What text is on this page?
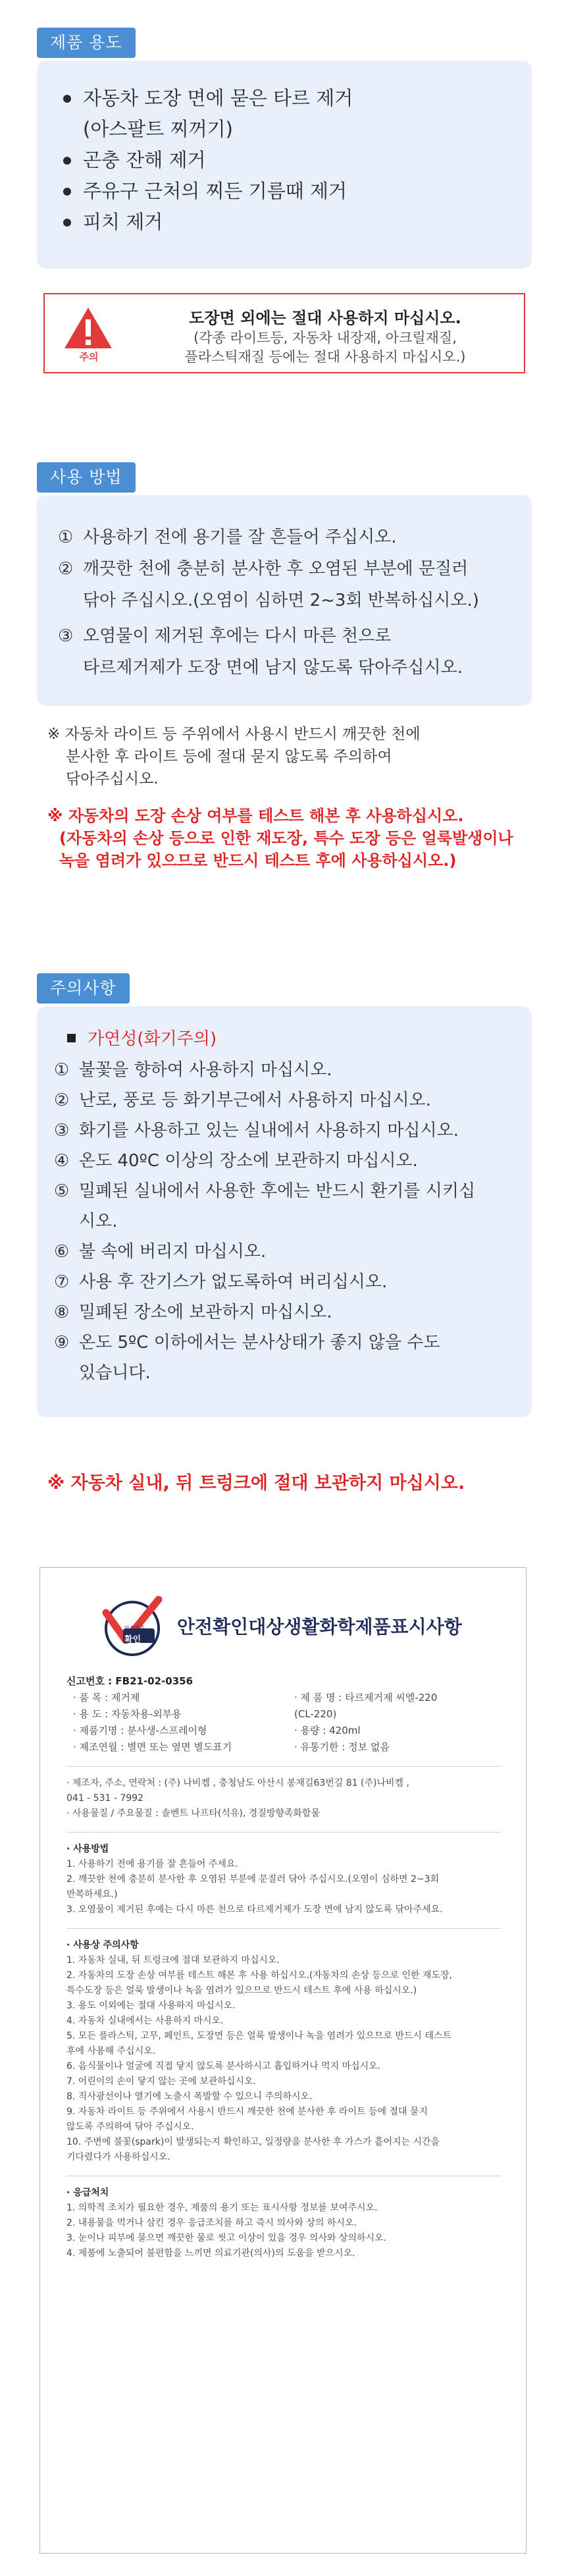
제품 용도
자동차 도장 면에 묻은 타르 제거
(아스팔트 찌꺼기)
곤충 잔해 제거
주유구 근처의 찌든 기름때 제거
피치 제거
주의
도장면 외에는 절대 사용하지 마십시오.
(각종 라이트등, 자동차 내장재, 아크릴재질,
플라스틱재질 등에는 절대 사용하지 마십시오.)
사용 방법
① 사용하기 전에 용기를 잘 흔들어 주십시오.
② 깨끗한 천에 충분히 분사한 후 오염된 부분에 문질러
닦아 주십시오.(오염이 심하면 2~3회 반복하십시오.)
③ 오염물이 제거된 후에는 다시 마른 천으로
타르제거제가 도장 면에 남지 않도록 닦아주십시오.
※ 자동차 라이트 등 주위에서 사용시 반드시 깨끗한 천에
분사한 후 라이트 등에 절대 묻지 않도록 주의하여
닦아주십시오.
※ 자동차의 도장 손상 여부를 테스트 해본 후 사용하십시오.
(자동차의 손상 등으로 인한 재도장, 특수 도장 등은 얼룩발생이나
녹을 염려가 있으므로 반드시 테스트 후에 사용하십시오.)
주의사항
가연성(화기주의)
① 불꽃을 향하여 사용하지 마십시오.
② 난로, 풍로 등 화기부근에서 사용하지 마십시오.
③ 화기를 사용하고 있는 실내에서 사용하지 마십시오.
④ 온도 40ºC 이상의 장소에 보관하지 마십시오.
⑤ 밀폐된 실내에서 사용한 후에는 반드시 환기를 시키십
시오.
⑥ 불 속에 버리지 마십시오.
⑦ 사용 후 잔기스가 없도록하여 버리십시오.
⑧ 밀폐된 장소에 보관하지 마십시오.
⑨ 온도 5ºC 이하에서는 분사상태가 좋지 않을 수도
있습니다.
※ 자동차 실내, 뒤 트렁크에 절대 보관하지 마십시오.
확인
안전기준 안전확인대상생활화학제품표시사항
신고번호 : FB21-02-0356
· 품 목 : 제거제	· 제 품 명 : 타르제거제 씨엘-220
· 용 도 : 자동차용-외부용	(CL-220)
· 제품기명 : 분사생-스프레이형	· 용량 : 420ml
· 제조연월 : 별면 또는 옆면 별도표기	· 유통기한 : 정보 없음
· 제조자, 주소, 연락처 : (주) 나비켐 , 충청남도 아산시 봉재길63번길 81 (주)나비켐 ,
041 - 531 - 7992
· 사용물질 / 주요물질 : 솔벤트 나프타(석유), 경질방향족화합물
· 사용방법
1. 사용하기 전에 용기를 잘 흔들어 주세요.
2. 깨끗한 천에 충분히 분사한 후 오염된 부분에 문질러 닦아 주십시오.(오염이 심하면 2~3회
반복하세요.)
3. 오염물이 제거된 후에는 다시 마른 천으로 타르제거제가 도장 면에 남지 않도록 닦아주세요.
· 사용상 주의사항
1. 자동차 실내, 뒤 트렁크에 절대 보관하지 마십시오.
2. 자동차의 도장 손상 여부를 테스트 해본 후 사용 하십시오.(자동차의 손상 등으로 인한 재도장,
특수도장 등은 얼룩 발생이나 녹을 염려가 있으므로 반드시 테스트 후에 사용 하십시오.)
3. 용도 이외에는 절대 사용하지 마십시오.
4. 자동차 실내에서는 사용하지 마시오.
5. 모든 플라스틱, 고무, 페인트, 도장면 등은 얼룩 발생이나 녹을 염려가 있으므로 반드시 테스트
후에 사용해 주십시오.
6. 음식물이나 얼굴에 직접 닿지 않도록 분사하시고 흡입하거나 먹지 마십시오.
7. 어린이의 손이 닿지 않는 곳에 보관하십시오.
8. 직사광선이나 열기에 노출시 폭발할 수 있으니 주의하시오.
9. 자동차 라이트 등 주위에서 사용시 반드시 깨끗한 천에 분사한 후 라이트 등에 절대 묻지
않도록 주의하여 닦아 주십시오.
10. 주변에 불꽃(spark)이 발생되는지 확인하고, 일정량을 분사한 후 가스가 흩어지는 시간을
기다렸다가 사용하십시오.
· 응급처치
1. 의학적 조치가 필요한 경우, 제품의 용기 또는 표시사항 정보를 보여주시오.
2. 내용물을 먹거나 삼킨 경우 응급조치를 하고 즉시 의사와 상의 하시오.
3. 눈이나 피부에 묻으면 깨끗한 물로 씻고 이상이 있을 경우 의사와 상의하시오.
4. 제품에 노출되어 불편함을 느끼면 의료기관(의사)의 도움을 받으시오.
